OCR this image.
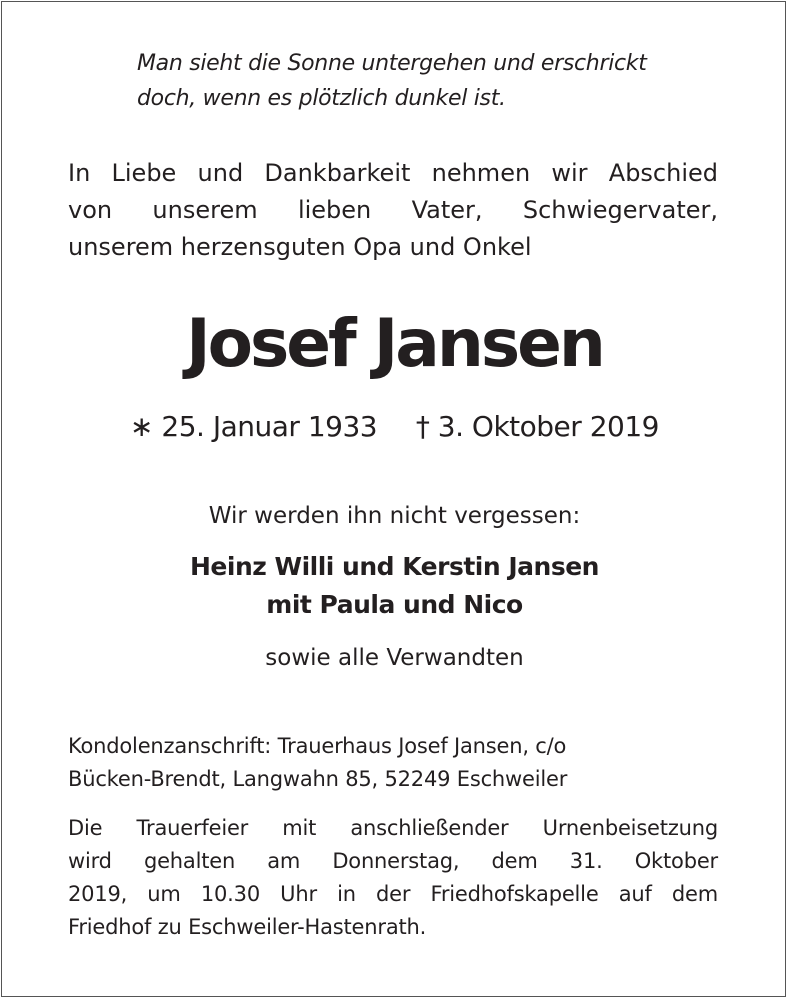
Man sieht die Sonne untergehen und erschrickt
doch, wenn es plötzlich dunkel ist.
In Liebe und Dankbarkeit nehmen wir Abschied
von unserem lieben Vater, Schwiegervater,
unserem herzensguten Opa und Onkel
Josef Jansen
∗ 25. Januar 1933 † 3. Oktober 2019
Wir werden ihn nicht vergessen:
Heinz Willi und Kerstin Jansen
mit Paula und Nico
sowie alle Verwandten
Kondolenzanschrift: Trauerhaus Josef Jansen, c/o
Bücken-Brendt, Langwahn 85, 52249 Eschweiler
Die Trauerfeier mit anschließender Urnenbeisetzung
wird gehalten am Donnerstag, dem 31. Oktober
2019, um 10.30 Uhr in der Friedhofskapelle auf dem
Friedhof zu Eschweiler-Hastenrath.
